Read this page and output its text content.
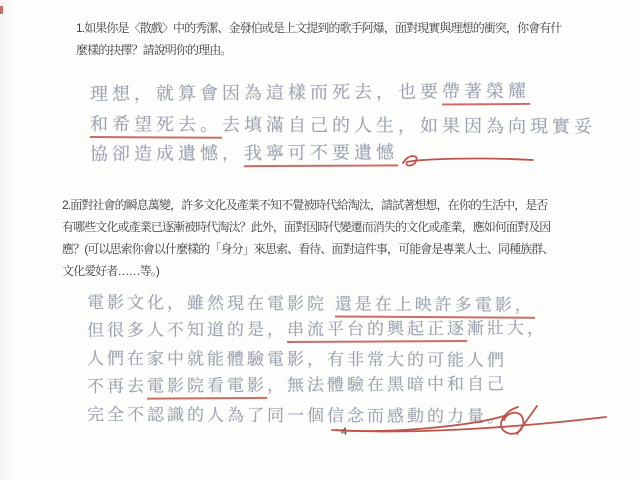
1.如果你是〈散戲〉中的秀潔、金發伯或是上文提到的歌手阿爆，面對現實與理想的衝突，你會有什
麼樣的抉擇？請說明你的理由。
理想，就算會因為這樣而死去，也要帶著榮耀
和希望死去。去填滿自己的人生，如果因為向現實妥
協卻造成遺憾，我寧可不要遺憾
2.面對社會的瞬息萬變，許多文化及產業不知不覺被時代給淘汰，請試著想想，在你的生活中，是否
有哪些文化或產業已逐漸被時代淘汰？此外，面對因時代變遷而消失的文化或產業，應如何面對及因
應？(可以思索你會以什麼樣的「身分」來思索、看待、面對這件事，可能會是專業人士、同種族群、
文化愛好者……等。)
電影文化，雖然現在電影院 還是在上映許多電影，
但很多人不知道的是，串流平台的興起正逐漸壯大，
人們在家中就能體驗電影，有非常大的可能人們
不再去電影院看電影，無法體驗在黑暗中和自己
完全不認識的人為了同一個信念而感動的力量。
4
